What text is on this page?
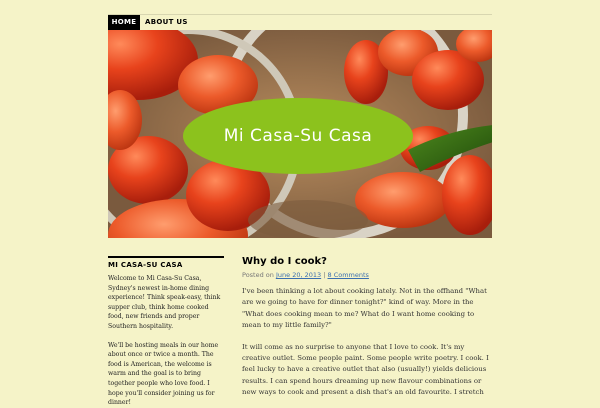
HOME	ABOUT US
Mi Casa-Su Casa
MI CASA-SU CASA

Welcome to Mi Casa-Su Casa, Sydney's newest in-home dining experience! Think speak-easy, think supper club, think home cooked food, new friends and proper Southern hospitality.

We'll be hosting meals in our home about once or twice a month. The food is American, the welcome is warm and the goal is to bring together people who love food. I hope you'll consider joining us for dinner!

Why do I cook?
Posted on June 20, 2013 | 8 Comments

I've been thinking a lot about cooking lately. Not in the offhand "What are we going to have for dinner tonight?" kind of way. More in the "What does cooking mean to me? What do I want home cooking to mean to my little family?"

It will come as no surprise to anyone that I love to cook. It's my creative outlet. Some people paint. Some people write poetry. I cook. I feel lucky to have a creative outlet that also (usually!) yields delicious results. I can spend hours dreaming up new flavour combinations or new ways to cook and present a dish that's an old favourite. I stretch
